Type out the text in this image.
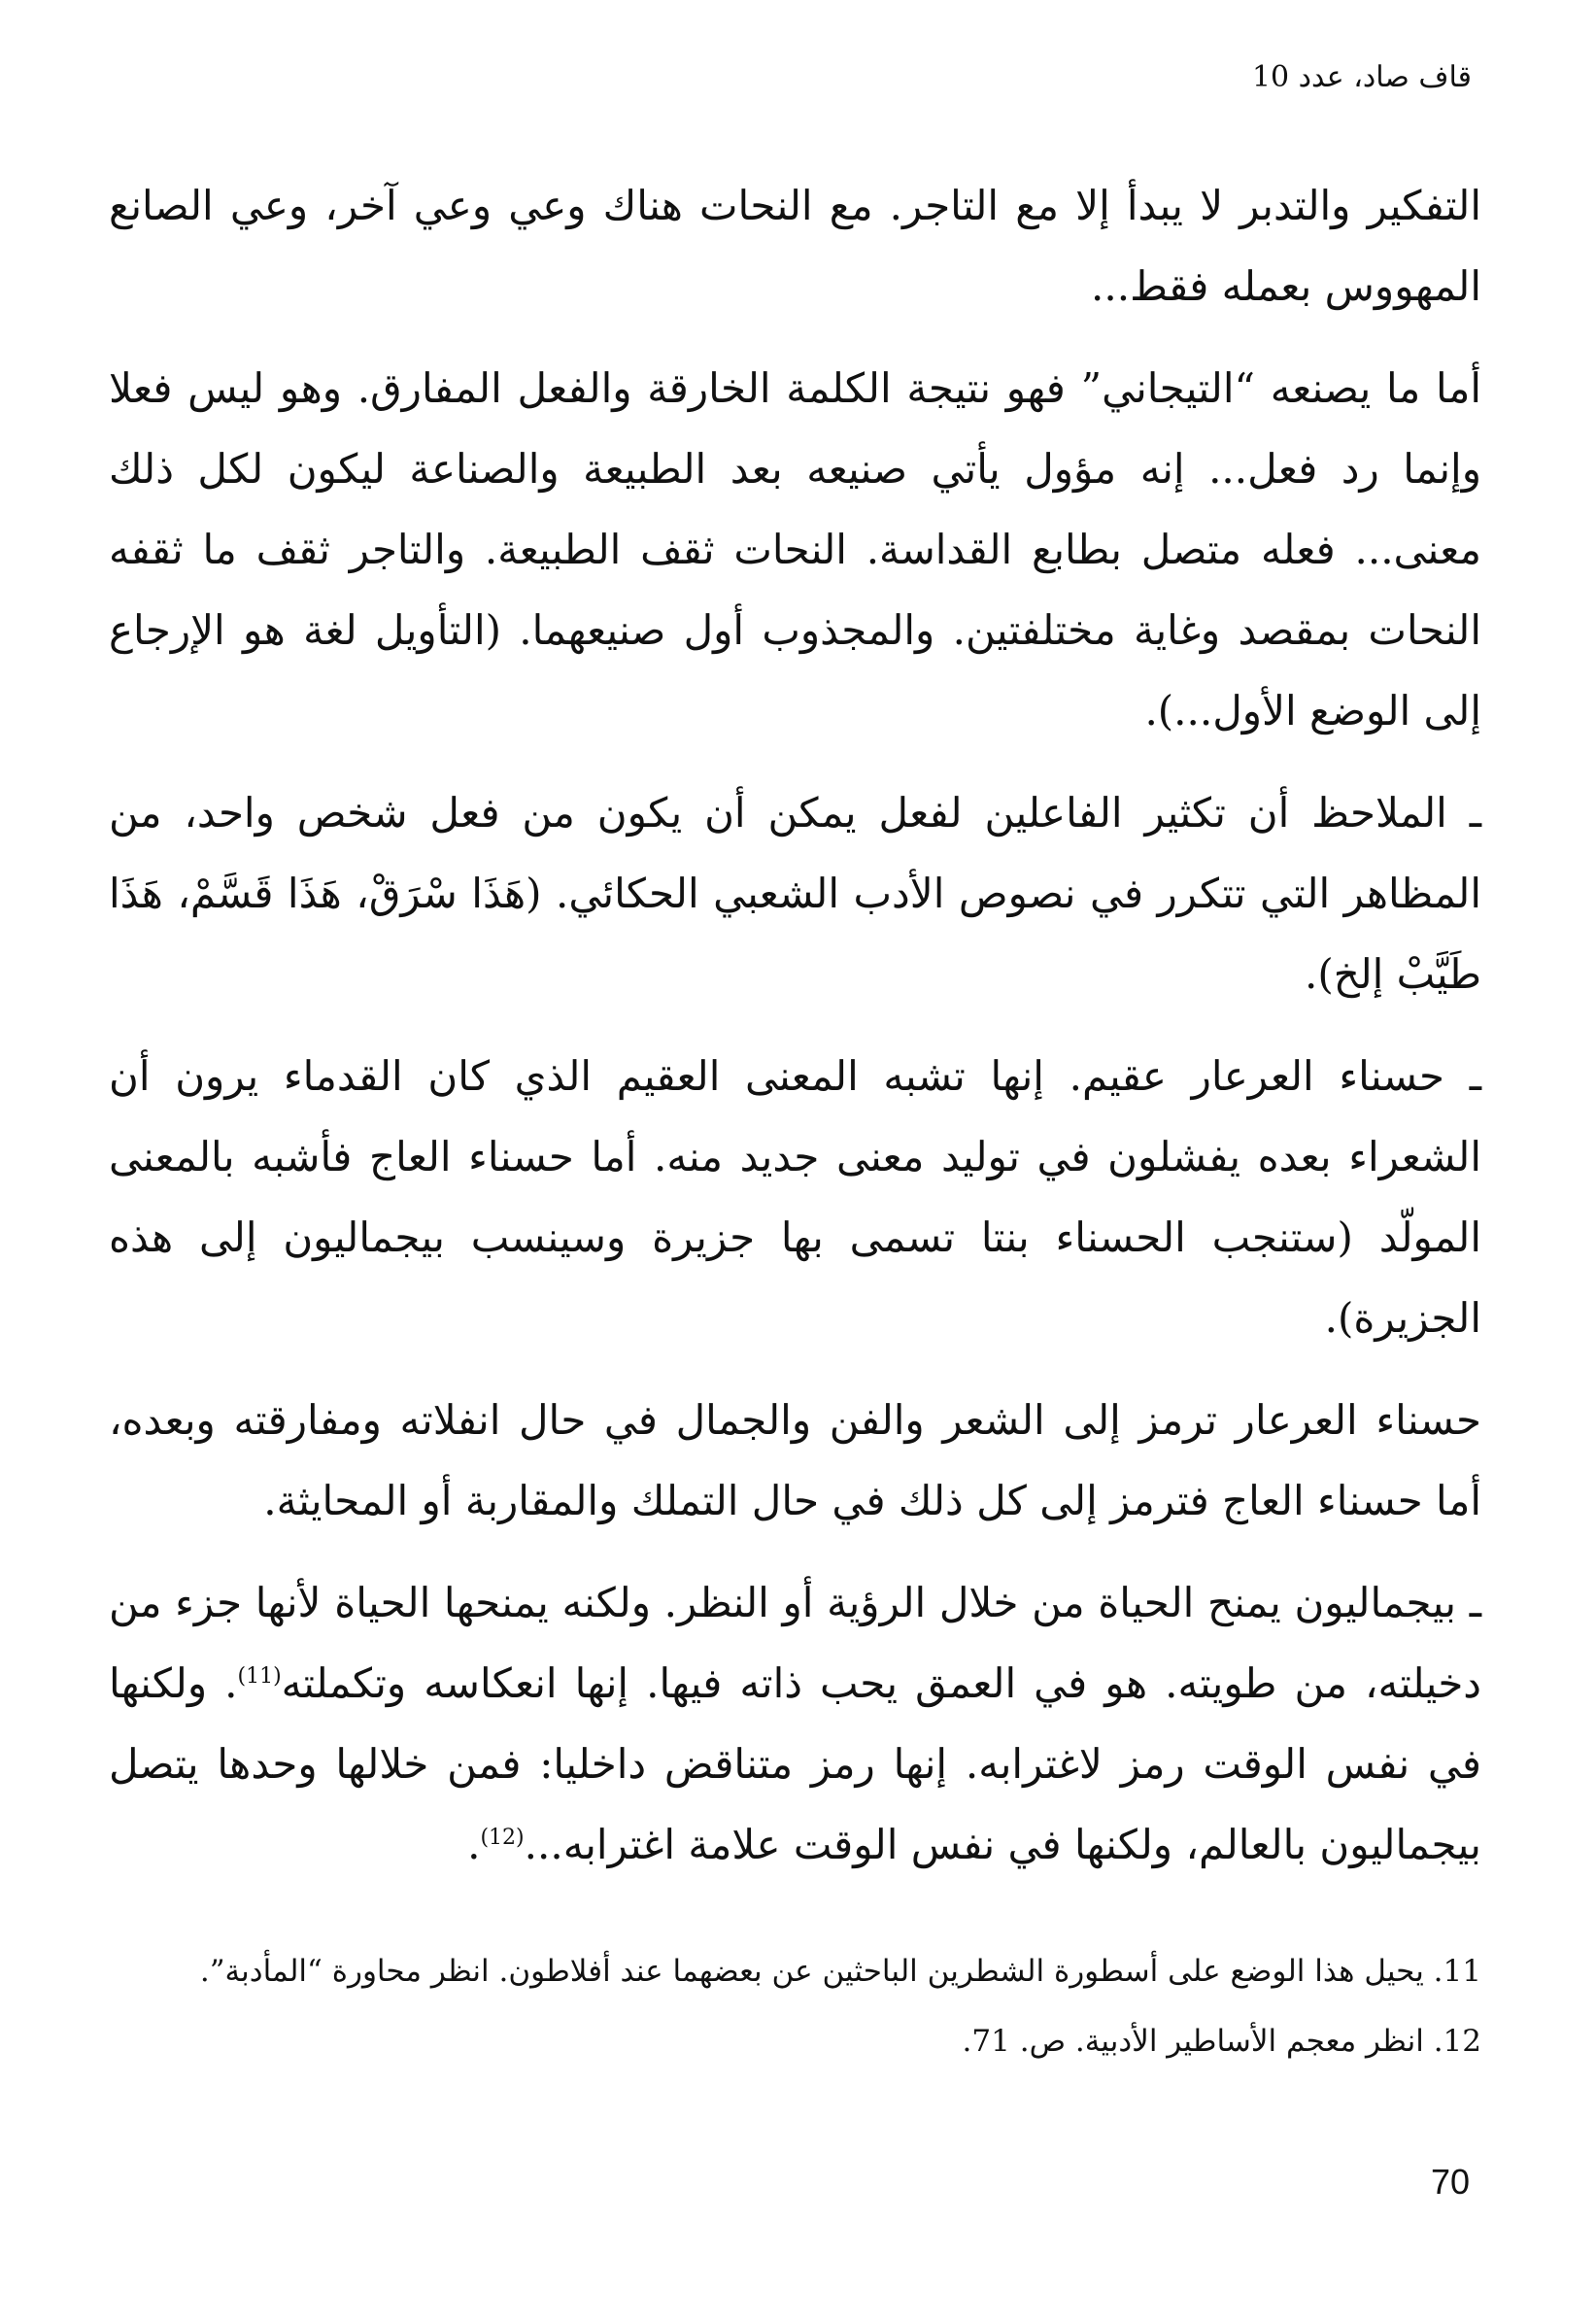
قاف صاد، عدد 10

التفكير والتدبر لا يبدأ إلا مع التاجر. مع النحات هناك وعي وعي آخر، وعي الصانع المهووس بعمله فقط...

أما ما يصنعه “التيجاني” فهو نتيجة الكلمة الخارقة والفعل المفارق. وهو ليس فعلا وإنما رد فعل... إنه مؤول يأتي صنيعه بعد الطبيعة والصناعة ليكون لكل ذلك معنى... فعله متصل بطابع القداسة. النحات ثقف الطبيعة. والتاجر ثقف ما ثقفه النحات بمقصد وغاية مختلفتين. والمجذوب أول صنيعهما. (التأويل لغة هو الإرجاع إلى الوضع الأول...).

ـ الملاحظ أن تكثير الفاعلين لفعل يمكن أن يكون من فعل شخص واحد، من المظاهر التي تتكرر في نصوص الأدب الشعبي الحكائي. (هَذَا سْرَقْ، هَذَا قَسَّمْ، هَذَا طَيَّبْ إلخ).

ـ حسناء العرعار عقيم. إنها تشبه المعنى العقيم الذي كان القدماء يرون أن الشعراء بعده يفشلون في توليد معنى جديد منه. أما حسناء العاج فأشبه بالمعنى المولّد (ستنجب الحسناء بنتا تسمى بها جزيرة وسينسب بيجماليون إلى هذه الجزيرة).

حسناء العرعار ترمز إلى الشعر والفن والجمال في حال انفلاته ومفارقته وبعده، أما حسناء العاج فترمز إلى كل ذلك في حال التملك والمقاربة أو المحايثة.

ـ بيجماليون يمنح الحياة من خلال الرؤية أو النظر. ولكنه يمنحها الحياة لأنها جزء من دخيلته، من طويته. هو في العمق يحب ذاته فيها. إنها انعكاسه وتكملته$^{(11)}$. ولكنها في نفس الوقت رمز لاغترابه. إنها رمز متناقض داخليا: فمن خلالها وحدها يتصل بيجماليون بالعالم، ولكنها في نفس الوقت علامة اغترابه...$^{(12)}$.

11. يحيل هذا الوضع على أسطورة الشطرين الباحثين عن بعضهما عند أفلاطون. انظر محاورة “المأدبة”.

12. انظر معجم الأساطير الأدبية. ص. 71.

70
